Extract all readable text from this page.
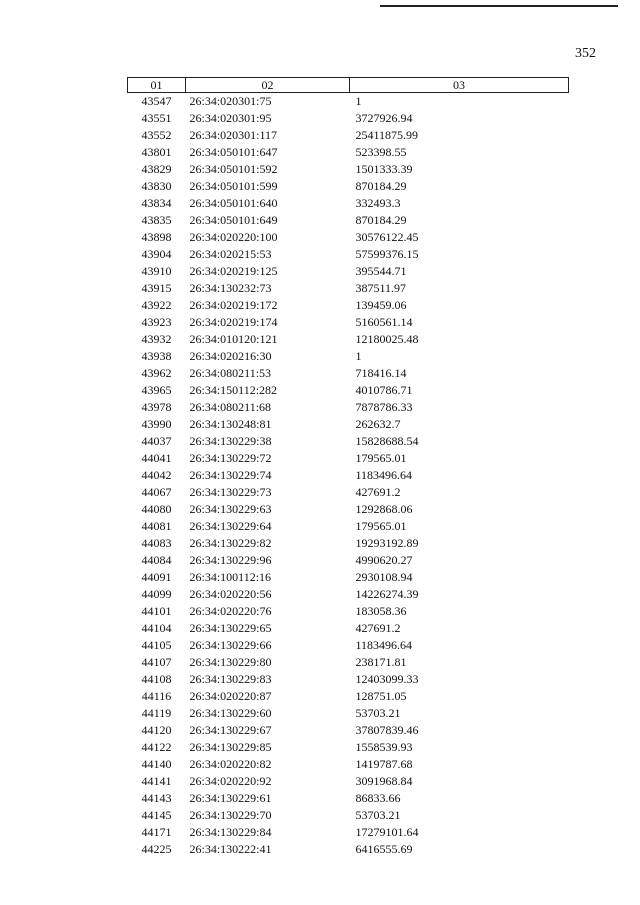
352
01	02	03
43547	26:34:020301:75	1
43551	26:34:020301:95	3727926.94
43552	26:34:020301:117	25411875.99
43801	26:34:050101:647	523398.55
43829	26:34:050101:592	1501333.39
43830	26:34:050101:599	870184.29
43834	26:34:050101:640	332493.3
43835	26:34:050101:649	870184.29
43898	26:34:020220:100	30576122.45
43904	26:34:020215:53	57599376.15
43910	26:34:020219:125	395544.71
43915	26:34:130232:73	387511.97
43922	26:34:020219:172	139459.06
43923	26:34:020219:174	5160561.14
43932	26:34:010120:121	12180025.48
43938	26:34:020216:30	1
43962	26:34:080211:53	718416.14
43965	26:34:150112:282	4010786.71
43978	26:34:080211:68	7878786.33
43990	26:34:130248:81	262632.7
44037	26:34:130229:38	15828688.54
44041	26:34:130229:72	179565.01
44042	26:34:130229:74	1183496.64
44067	26:34:130229:73	427691.2
44080	26:34:130229:63	1292868.06
44081	26:34:130229:64	179565.01
44083	26:34:130229:82	19293192.89
44084	26:34:130229:96	4990620.27
44091	26:34:100112:16	2930108.94
44099	26:34:020220:56	14226274.39
44101	26:34:020220:76	183058.36
44104	26:34:130229:65	427691.2
44105	26:34:130229:66	1183496.64
44107	26:34:130229:80	238171.81
44108	26:34:130229:83	12403099.33
44116	26:34:020220:87	128751.05
44119	26:34:130229:60	53703.21
44120	26:34:130229:67	37807839.46
44122	26:34:130229:85	1558539.93
44140	26:34:020220:82	1419787.68
44141	26:34:020220:92	3091968.84
44143	26:34:130229:61	86833.66
44145	26:34:130229:70	53703.21
44171	26:34:130229:84	17279101.64
44225	26:34:130222:41	6416555.69
